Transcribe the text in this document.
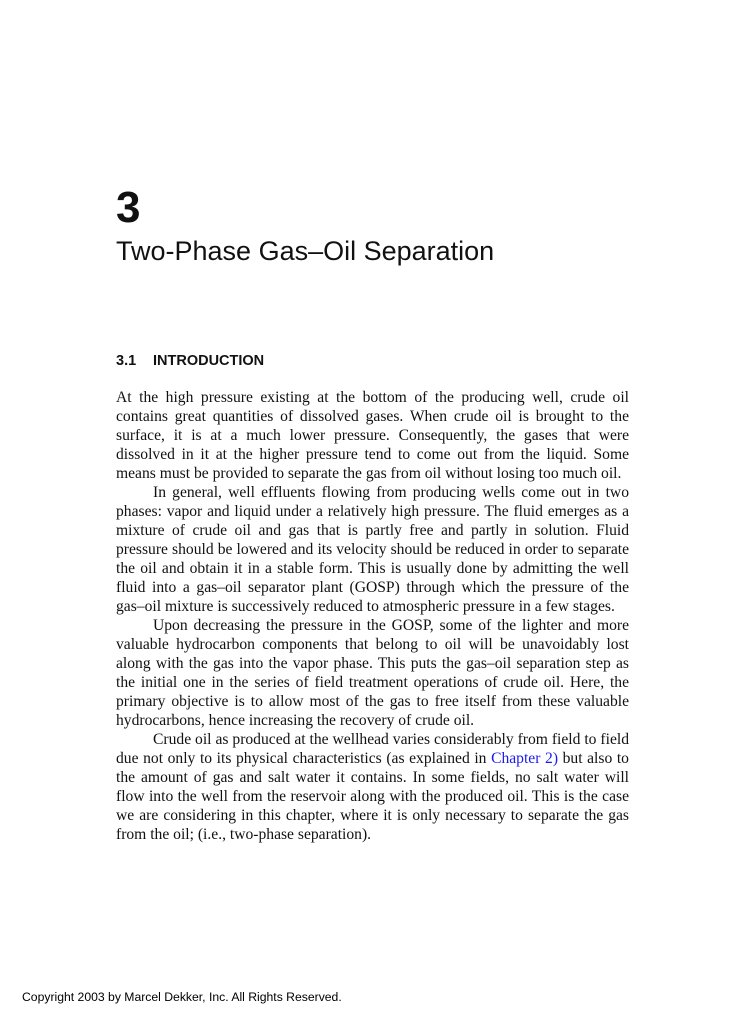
3
Two-Phase Gas–Oil Separation
3.1 INTRODUCTION

At the high pressure existing at the bottom of the producing well, crude oil contains great quantities of dissolved gases. When crude oil is brought to the surface, it is at a much lower pressure. Consequently, the gases that were dissolved in it at the higher pressure tend to come out from the liquid. Some means must be provided to separate the gas from oil without losing too much oil.

In general, well effluents flowing from producing wells come out in two phases: vapor and liquid under a relatively high pressure. The fluid emerges as a mixture of crude oil and gas that is partly free and partly in solution. Fluid pressure should be lowered and its velocity should be reduced in order to separate the oil and obtain it in a stable form. This is usually done by admitting the well fluid into a gas–oil separator plant (GOSP) through which the pressure of the gas–oil mixture is successively reduced to atmospheric pressure in a few stages.

Upon decreasing the pressure in the GOSP, some of the lighter and more valuable hydrocarbon components that belong to oil will be unavoidably lost along with the gas into the vapor phase. This puts the gas–oil separation step as the initial one in the series of field treatment operations of crude oil. Here, the primary objective is to allow most of the gas to free itself from these valuable hydrocarbons, hence increasing the recovery of crude oil.

Crude oil as produced at the wellhead varies considerably from field to field due not only to its physical characteristics (as explained in Chapter 2) but also to the amount of gas and salt water it contains. In some fields, no salt water will flow into the well from the reservoir along with the produced oil. This is the case we are considering in this chapter, where it is only necessary to separate the gas from the oil; (i.e., two-phase separation).

Copyright 2003 by Marcel Dekker, Inc. All Rights Reserved.
